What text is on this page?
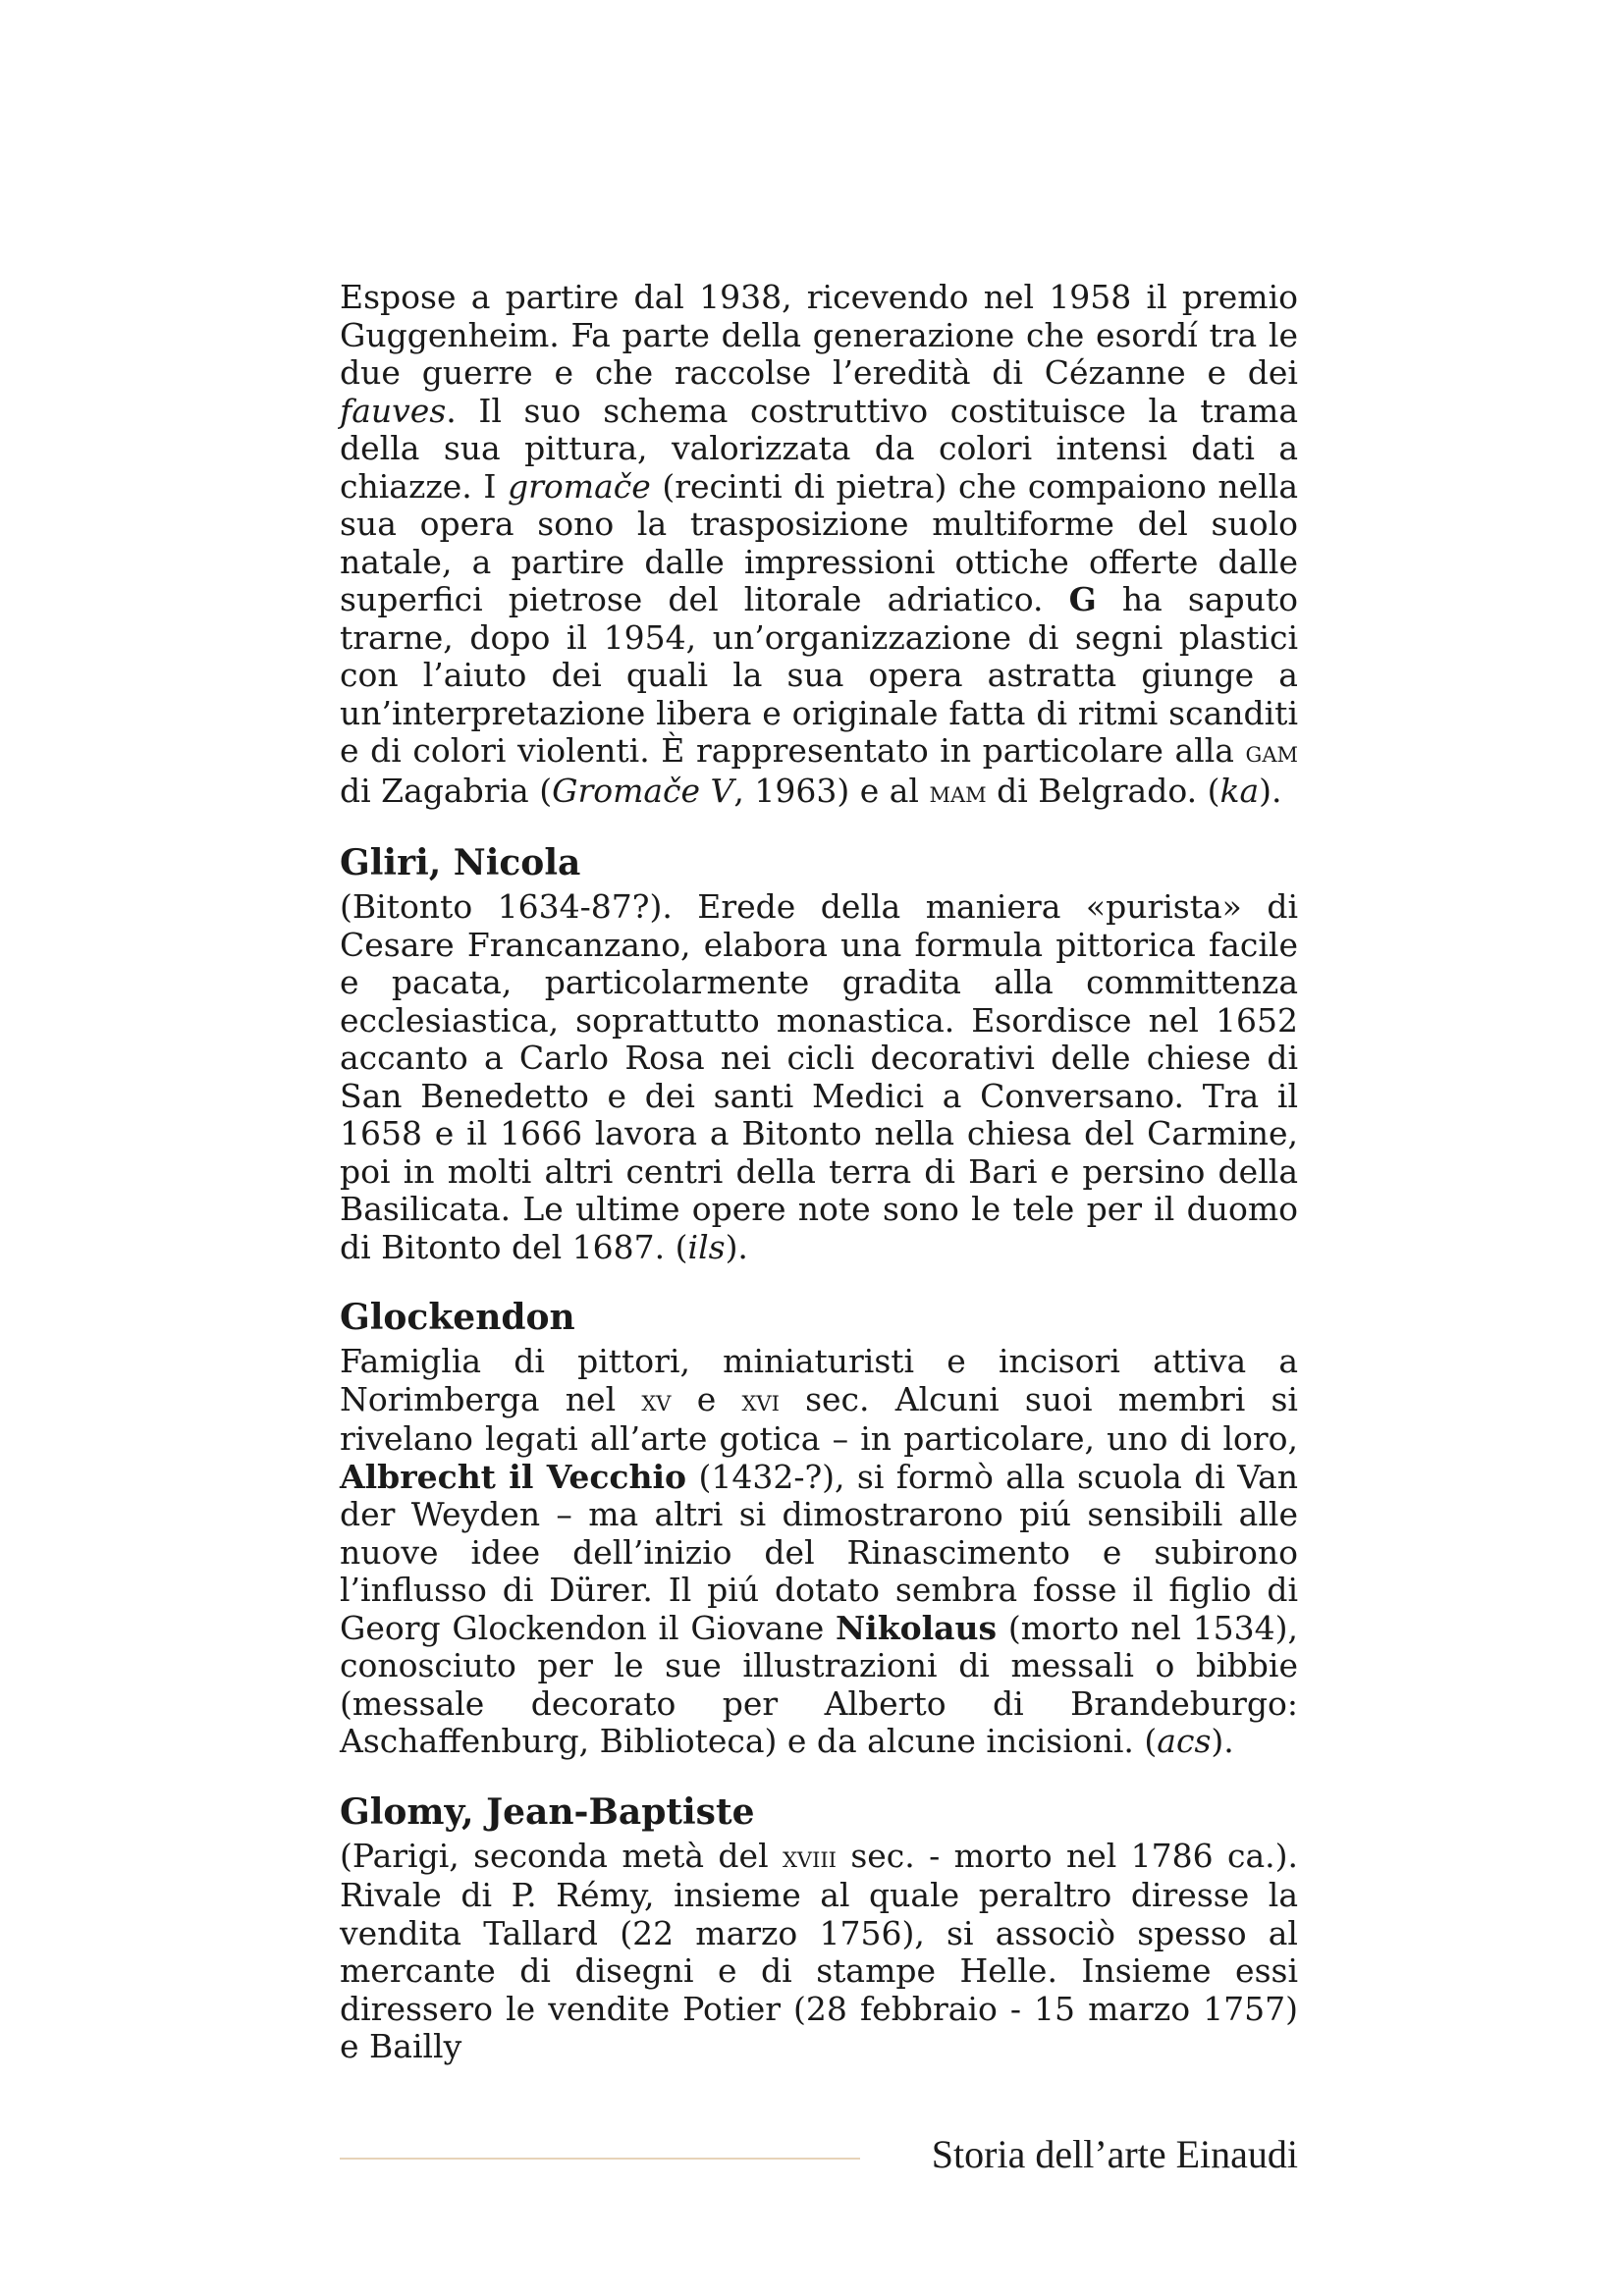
Espose a partire dal 1938, ricevendo nel 1958 il premio Guggenheim. Fa parte della generazione che esordí tra le due guerre e che raccolse l’eredità di Cézanne e dei fauves. Il suo schema costruttivo costituisce la trama della sua pittura, valorizzata da colori intensi dati a chiazze. I gromače (recinti di pietra) che compaiono nella sua opera sono la trasposizione multiforme del suolo natale, a partire dalle impressioni ottiche offerte dalle superfici pietrose del litorale adriatico. G ha saputo trarne, dopo il 1954, un’organizzazione di segni plastici con l’aiuto dei quali la sua opera astratta giunge a un’interpretazione libera e originale fatta di ritmi scanditi e di colori violenti. È rappresentato in particolare alla gam di Zagabria (Gromače V, 1963) e al mam di Belgrado. (ka).

Gliri, Nicola

(Bitonto 1634-87?). Erede della maniera «purista» di Cesare Francanzano, elabora una formula pittorica facile e pacata, particolarmente gradita alla committenza ecclesiastica, soprattutto monastica. Esordisce nel 1652 accanto a Carlo Rosa nei cicli decorativi delle chiese di San Benedetto e dei santi Medici a Conversano. Tra il 1658 e il 1666 lavora a Bitonto nella chiesa del Carmine, poi in molti altri centri della terra di Bari e persino della Basilicata. Le ultime opere note sono le tele per il duomo di Bitonto del 1687. (ils).

Glockendon

Famiglia di pittori, miniaturisti e incisori attiva a Norimberga nel xv e xvi sec. Alcuni suoi membri si rivelano legati all’arte gotica – in particolare, uno di loro, Albrecht il Vecchio (1432-?), si formò alla scuola di Van der Weyden – ma altri si dimostrarono piú sensibili alle nuove idee dell’inizio del Rinascimento e subirono l’influsso di Dürer. Il piú dotato sembra fosse il figlio di Georg Glockendon il Giovane Nikolaus (morto nel 1534), conosciuto per le sue illustrazioni di messali o bibbie (messale decorato per Alberto di Brandeburgo: Aschaffenburg, Biblioteca) e da alcune incisioni. (acs).

Glomy, Jean-Baptiste

(Parigi, seconda metà del xviii sec. - morto nel 1786 ca.). Rivale di P. Rémy, insieme al quale peraltro diresse la vendita Tallard (22 marzo 1756), si associò spesso al mercante di disegni e di stampe Helle. Insieme essi diressero le vendite Potier (28 febbraio - 15 marzo 1757) e Bailly

Storia dell’arte Einaudi
